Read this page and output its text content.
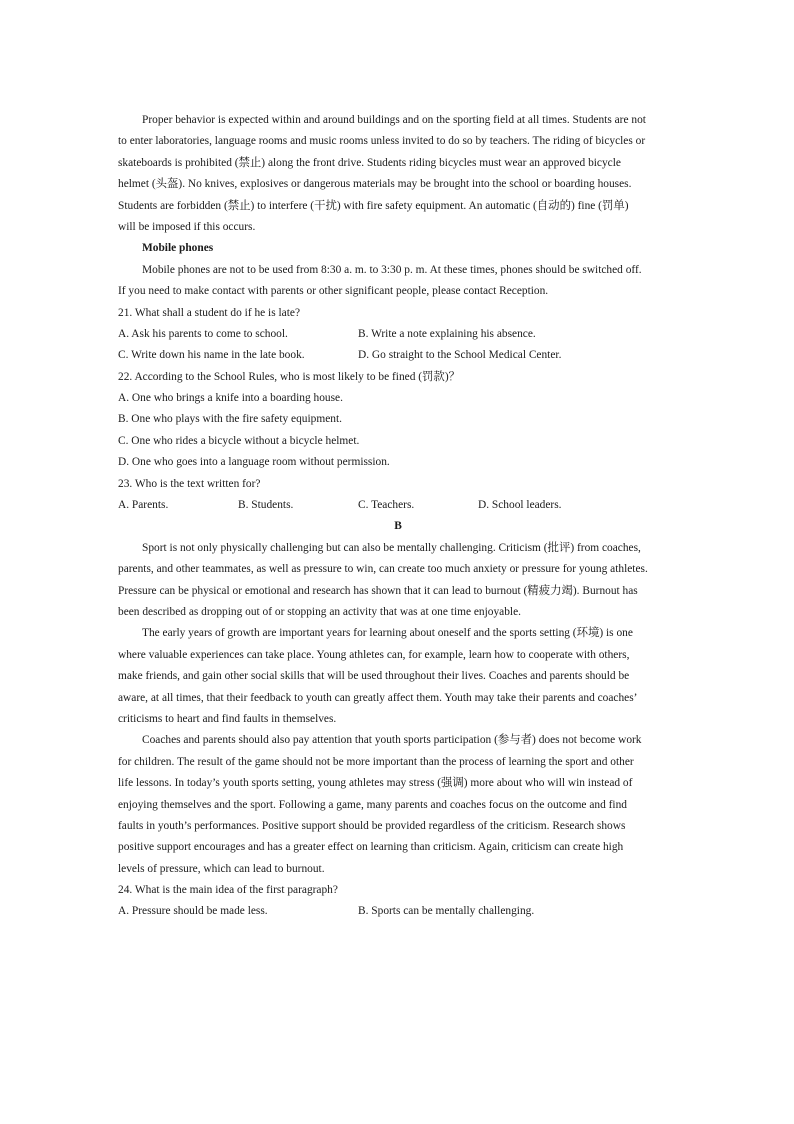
Proper behavior is expected within and around buildings and on the sporting field at all times. Students are not
to enter laboratories, language rooms and music rooms unless invited to do so by teachers. The riding of bicycles or
skateboards is prohibited (禁止) along the front drive. Students riding bicycles must wear an approved bicycle
helmet (头盔). No knives, explosives or dangerous materials may be brought into the school or boarding houses.
Students are forbidden (禁止) to interfere (干扰) with fire safety equipment. An automatic (自动的) fine (罚单)
will be imposed if this occurs.
Mobile phones
Mobile phones are not to be used from 8:30 a. m. to 3:30 p. m. At these times, phones should be switched off.
If you need to make contact with parents or other significant people, please contact Reception.
21. What shall a student do if he is late?
A. Ask his parents to come to school.	B. Write a note explaining his absence.
C. Write down his name in the late book.	D. Go straight to the School Medical Center.
22. According to the School Rules, who is most likely to be fined (罚款)？
A. One who brings a knife into a boarding house.
B. One who plays with the fire safety equipment.
C. One who rides a bicycle without a bicycle helmet.
D. One who goes into a language room without permission.
23. Who is the text written for?
A. Parents.	B. Students.	C. Teachers.	D. School leaders.
B
Sport is not only physically challenging but can also be mentally challenging. Criticism (批评) from coaches,
parents, and other teammates, as well as pressure to win, can create too much anxiety or pressure for young athletes.
Pressure can be physical or emotional and research has shown that it can lead to burnout (精疲力竭). Burnout has
been described as dropping out of or stopping an activity that was at one time enjoyable.
The early years of growth are important years for learning about oneself and the sports setting (环境) is one
where valuable experiences can take place. Young athletes can, for example, learn how to cooperate with others,
make friends, and gain other social skills that will be used throughout their lives. Coaches and parents should be
aware, at all times, that their feedback to youth can greatly affect them. Youth may take their parents and coaches’
criticisms to heart and find faults in themselves.
Coaches and parents should also pay attention that youth sports participation (参与者) does not become work
for children. The result of the game should not be more important than the process of learning the sport and other
life lessons. In today’s youth sports setting, young athletes may stress (强调) more about who will win instead of
enjoying themselves and the sport. Following a game, many parents and coaches focus on the outcome and find
faults in youth’s performances. Positive support should be provided regardless of the criticism. Research shows
positive support encourages and has a greater effect on learning than criticism. Again, criticism can create high
levels of pressure, which can lead to burnout.
24. What is the main idea of the first paragraph?
A. Pressure should be made less.	B. Sports can be mentally challenging.
